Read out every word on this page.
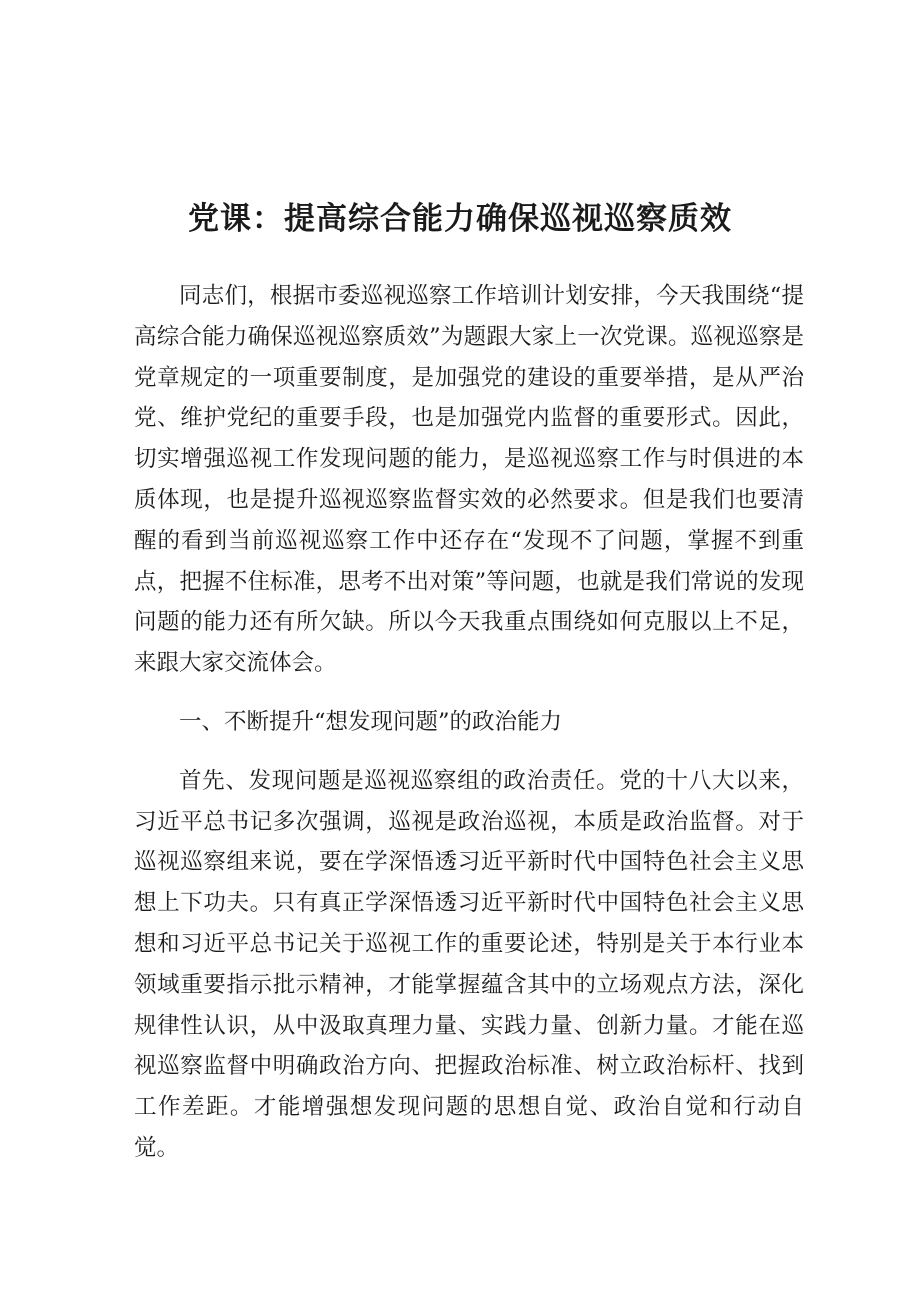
党课：提高综合能力确保巡视巡察质效

同志们，根据市委巡视巡察工作培训计划安排，今天我围绕“提高综合能力确保巡视巡察质效”为题跟大家上一次党课。巡视巡察是党章规定的一项重要制度，是加强党的建设的重要举措，是从严治党、维护党纪的重要手段，也是加强党内监督的重要形式。因此，切实增强巡视工作发现问题的能力，是巡视巡察工作与时俱进的本质体现，也是提升巡视巡察监督实效的必然要求。但是我们也要清醒的看到当前巡视巡察工作中还存在“发现不了问题，掌握不到重点，把握不住标准，思考不出对策”等问题，也就是我们常说的发现问题的能力还有所欠缺。所以今天我重点围绕如何克服以上不足，来跟大家交流体会。

一、不断提升“想发现问题”的政治能力

首先、发现问题是巡视巡察组的政治责任。党的十八大以来，习近平总书记多次强调，巡视是政治巡视，本质是政治监督。对于巡视巡察组来说，要在学深悟透习近平新时代中国特色社会主义思想上下功夫。只有真正学深悟透习近平新时代中国特色社会主义思想和习近平总书记关于巡视工作的重要论述，特别是关于本行业本领域重要指示批示精神，才能掌握蕴含其中的立场观点方法，深化规律性认识，从中汲取真理力量、实践力量、创新力量。才能在巡视巡察监督中明确政治方向、把握政治标准、树立政治标杆、找到工作差距。才能增强想发现问题的思想自觉、政治自觉和行动自觉。
